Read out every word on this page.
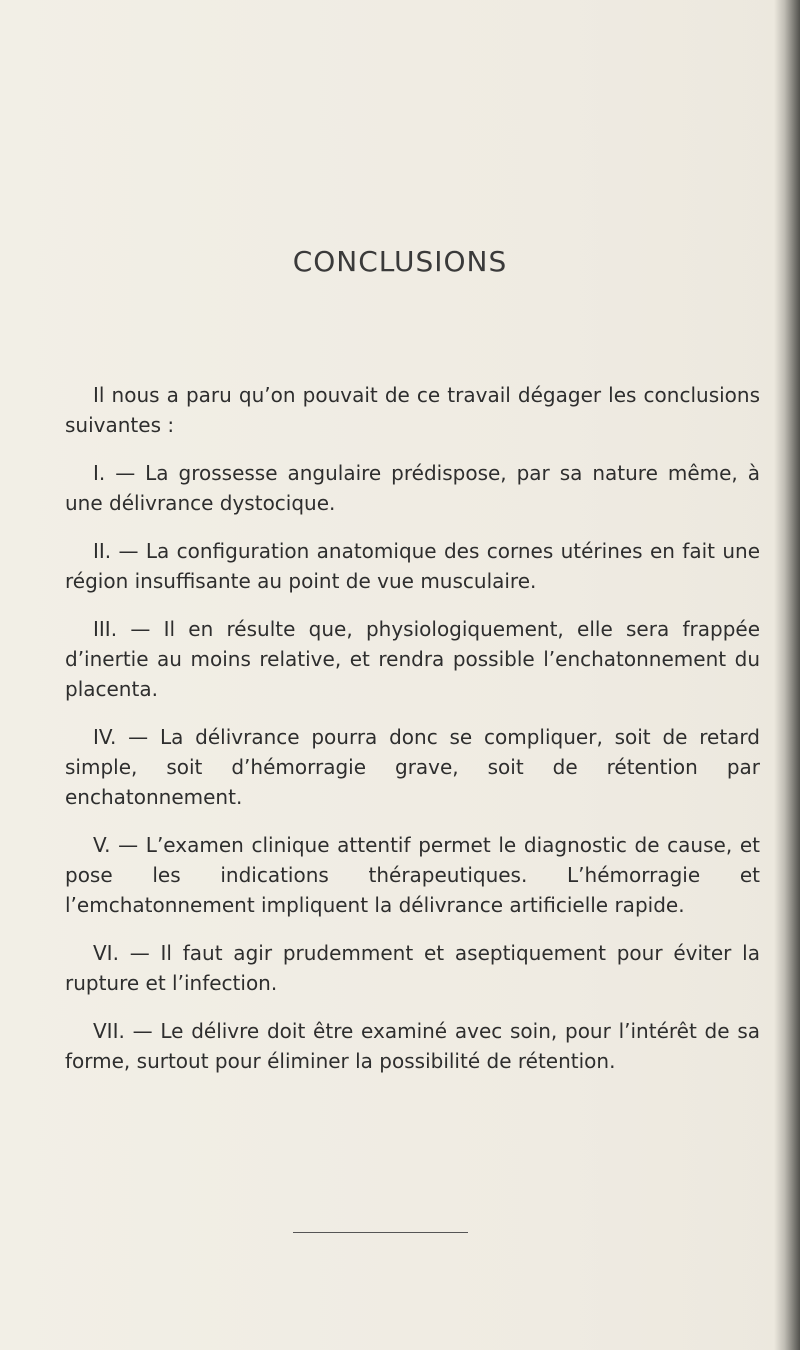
CONCLUSIONS

Il nous a paru qu’on pouvait de ce travail dégager les conclusions suivantes :

I. — La grossesse angulaire prédispose, par sa nature même, à une délivrance dystocique.

II. — La configuration anatomique des cornes utérines en fait une région insuffisante au point de vue musculaire.

III. — Il en résulte que, physiologiquement, elle sera frappée d’inertie au moins relative, et rendra possible l’enchatonnement du placenta.

IV. — La délivrance pourra donc se compliquer, soit de retard simple, soit d’hémorragie grave, soit de rétention par enchatonnement.

V. — L’examen clinique attentif permet le diagnostic de cause, et pose les indications thérapeutiques. L’hémorragie et l’emchatonnement impliquent la délivrance artificielle rapide.

VI. — Il faut agir prudemment et aseptiquement pour éviter la rupture et l’infection.

VII. — Le délivre doit être examiné avec soin, pour l’intérêt de sa forme, surtout pour éliminer la possibilité de rétention.
